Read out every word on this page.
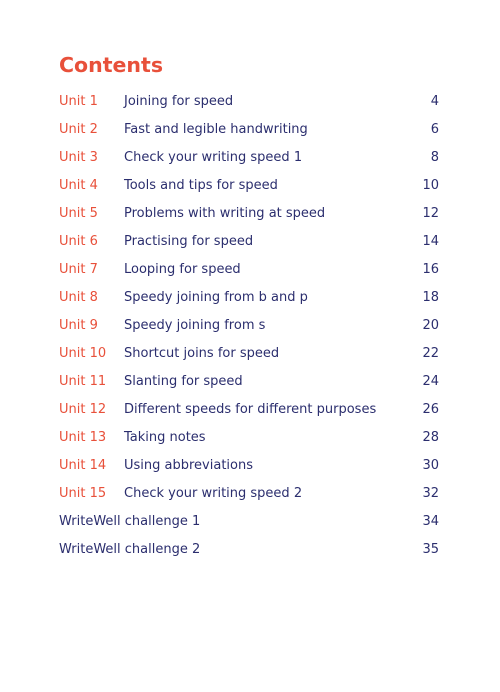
Contents
Unit 1 Joining for speed	4
Unit 2 Fast and legible handwriting	6
Unit 3 Check your writing speed 1	8
Unit 4 Tools and tips for speed	10
Unit 5 Problems with writing at speed	12
Unit 6 Practising for speed	14
Unit 7 Looping for speed	16
Unit 8 Speedy joining from b and p	18
Unit 9 Speedy joining from s	20
Unit 10 Shortcut joins for speed	22
Unit 11 Slanting for speed	24
Unit 12 Different speeds for different purposes	26
Unit 13 Taking notes	28
Unit 14 Using abbreviations	30
Unit 15 Check your writing speed 2	32
WriteWell challenge 1	34
WriteWell challenge 2	35
